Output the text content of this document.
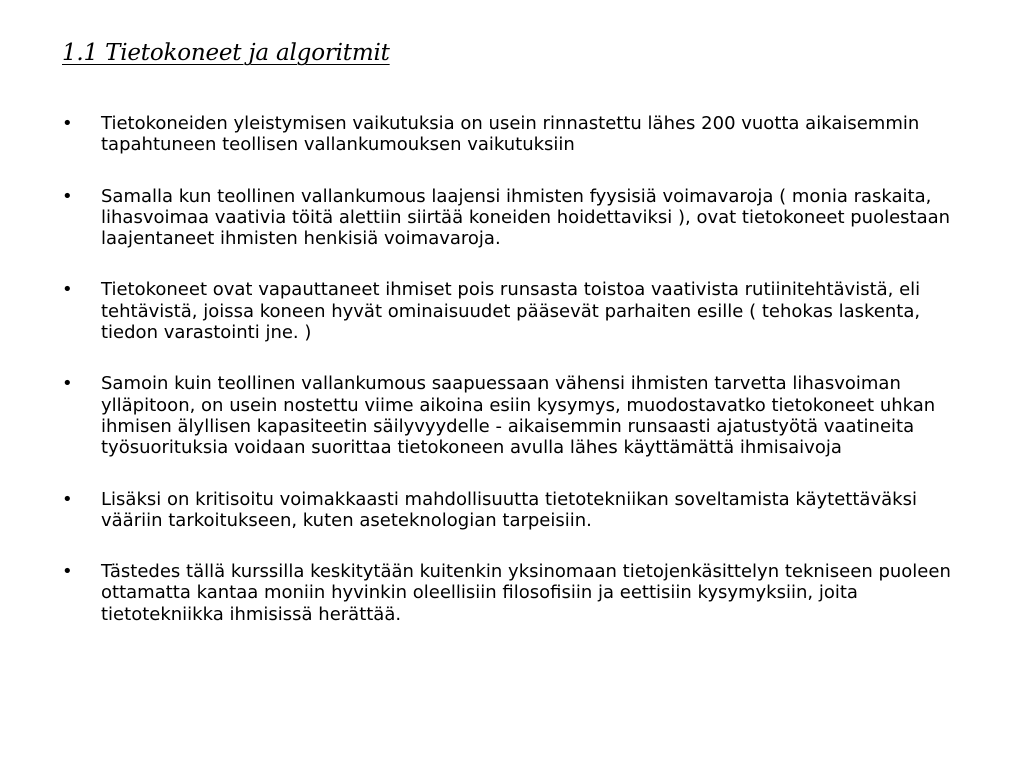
1.1 Tietokoneet ja algoritmit
• Tietokoneiden yleistymisen vaikutuksia on usein rinnastettu lähes 200 vuotta aikaisemmin tapahtuneen teollisen vallankumouksen vaikutuksiin
• Samalla kun teollinen vallankumous laajensi ihmisten fyysisiä voimavaroja ( monia raskaita, lihasvoimaa vaativia töitä alettiin siirtää koneiden hoidettaviksi ), ovat tietokoneet puolestaan laajentaneet ihmisten henkisiä voimavaroja.
• Tietokoneet ovat vapauttaneet ihmiset pois runsasta toistoa vaativista rutiinitehtävistä, eli tehtävistä, joissa koneen hyvät ominaisuudet pääsevät parhaiten esille ( tehokas laskenta, tiedon varastointi jne. )
• Samoin kuin teollinen vallankumous saapuessaan vähensi ihmisten tarvetta lihasvoiman ylläpitoon, on usein nostettu viime aikoina esiin kysymys, muodostavatko tietokoneet uhkan ihmisen älyllisen kapasiteetin säilyvyydelle - aikaisemmin runsaasti ajatustyötä vaatineita työsuorituksia voidaan suorittaa tietokoneen avulla lähes käyttämättä ihmisaivoja
• Lisäksi on kritisoitu voimakkaasti mahdollisuutta tietotekniikan soveltamista käytettäväksi vääriin tarkoitukseen, kuten aseteknologian tarpeisiin.
• Tästedes tällä kurssilla keskitytään kuitenkin yksinomaan tietojenkäsittelyn tekniseen puoleen ottamatta kantaa moniin hyvinkin oleellisiin filosofisiin ja eettisiin kysymyksiin, joita tietotekniikka ihmisissä herättää.
